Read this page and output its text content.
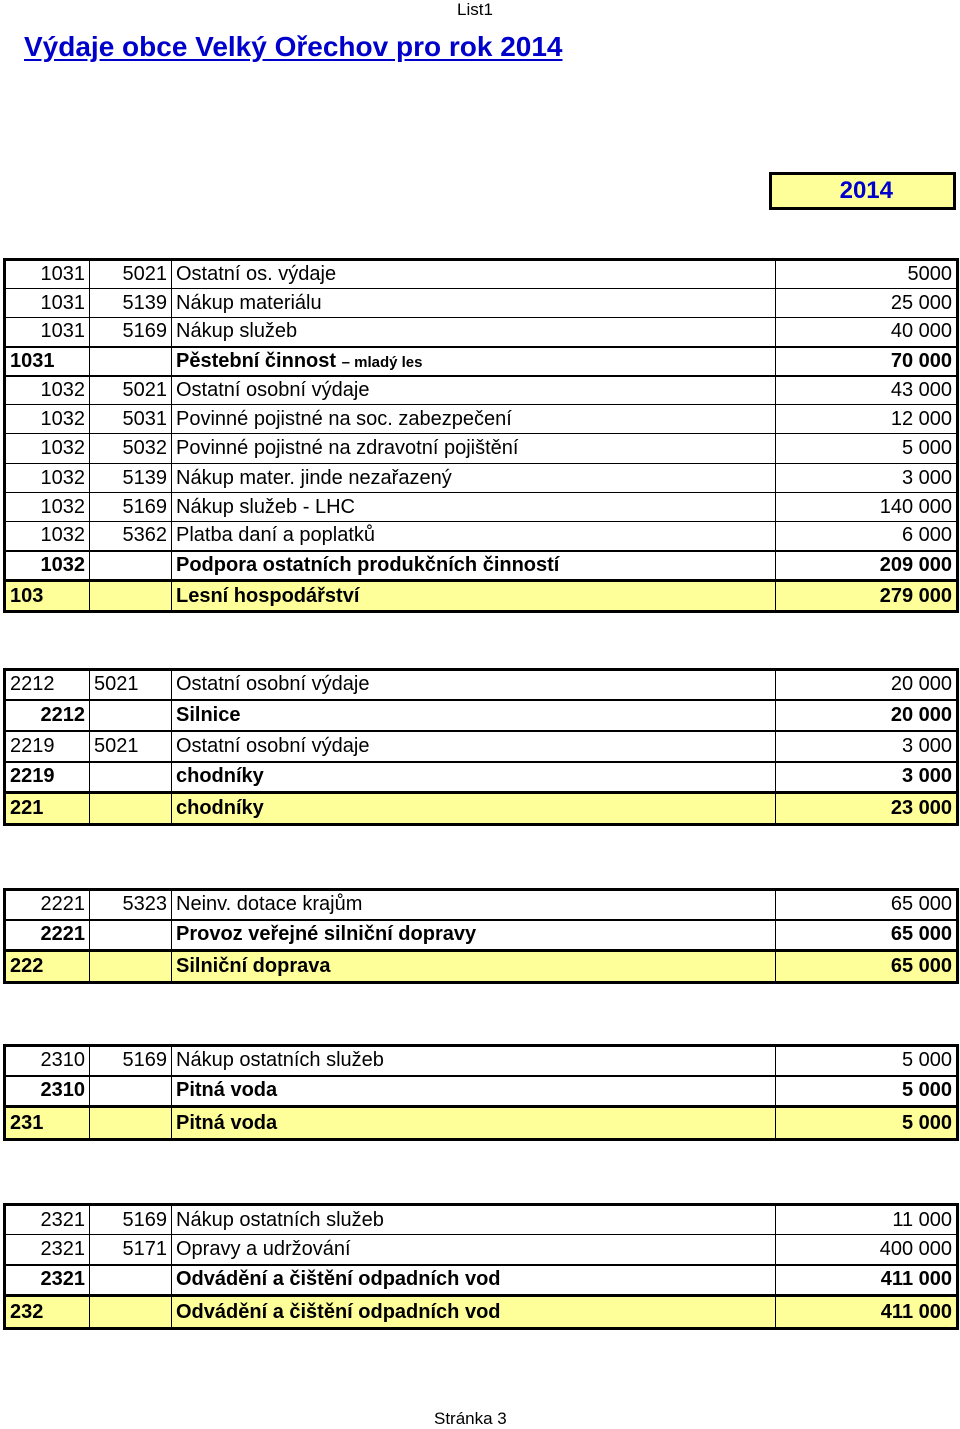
List1
Výdaje obce Velký Ořechov pro rok 2014
2014
1031	5021	Ostatní os. výdaje	5000
1031	5139	Nákup materiálu	25 000
1031	5169	Nákup služeb	40 000
1031		Pěstební činnost – mladý les	70 000
1032	5021	Ostatní osobní výdaje	43 000
1032	5031	Povinné pojistné na soc. zabezpečení	12 000
1032	5032	Povinné pojistné na zdravotní pojištění	5 000
1032	5139	Nákup mater. jinde nezařazený	3 000
1032	5169	Nákup služeb - LHC	140 000
1032	5362	Platba daní a poplatků	6 000
1032		Podpora ostatních produkčních činností	209 000
103		Lesní hospodářství	279 000
2212	5021	Ostatní osobní výdaje	20 000
2212		Silnice	20 000
2219	5021	Ostatní osobní výdaje	3 000
2219		chodníky	3 000
221		chodníky	23 000
2221	5323	Neinv. dotace krajům	65 000
2221		Provoz veřejné silniční dopravy	65 000
222		Silniční doprava	65 000
2310	5169	Nákup ostatních služeb	5 000
2310		Pitná voda	5 000
231		Pitná voda	5 000
2321	5169	Nákup ostatních služeb	11 000
2321	5171	Opravy a udržování	400 000
2321		Odvádění a čištění odpadních vod	411 000
232		Odvádění a čištění odpadních vod	411 000
Stránka 3
